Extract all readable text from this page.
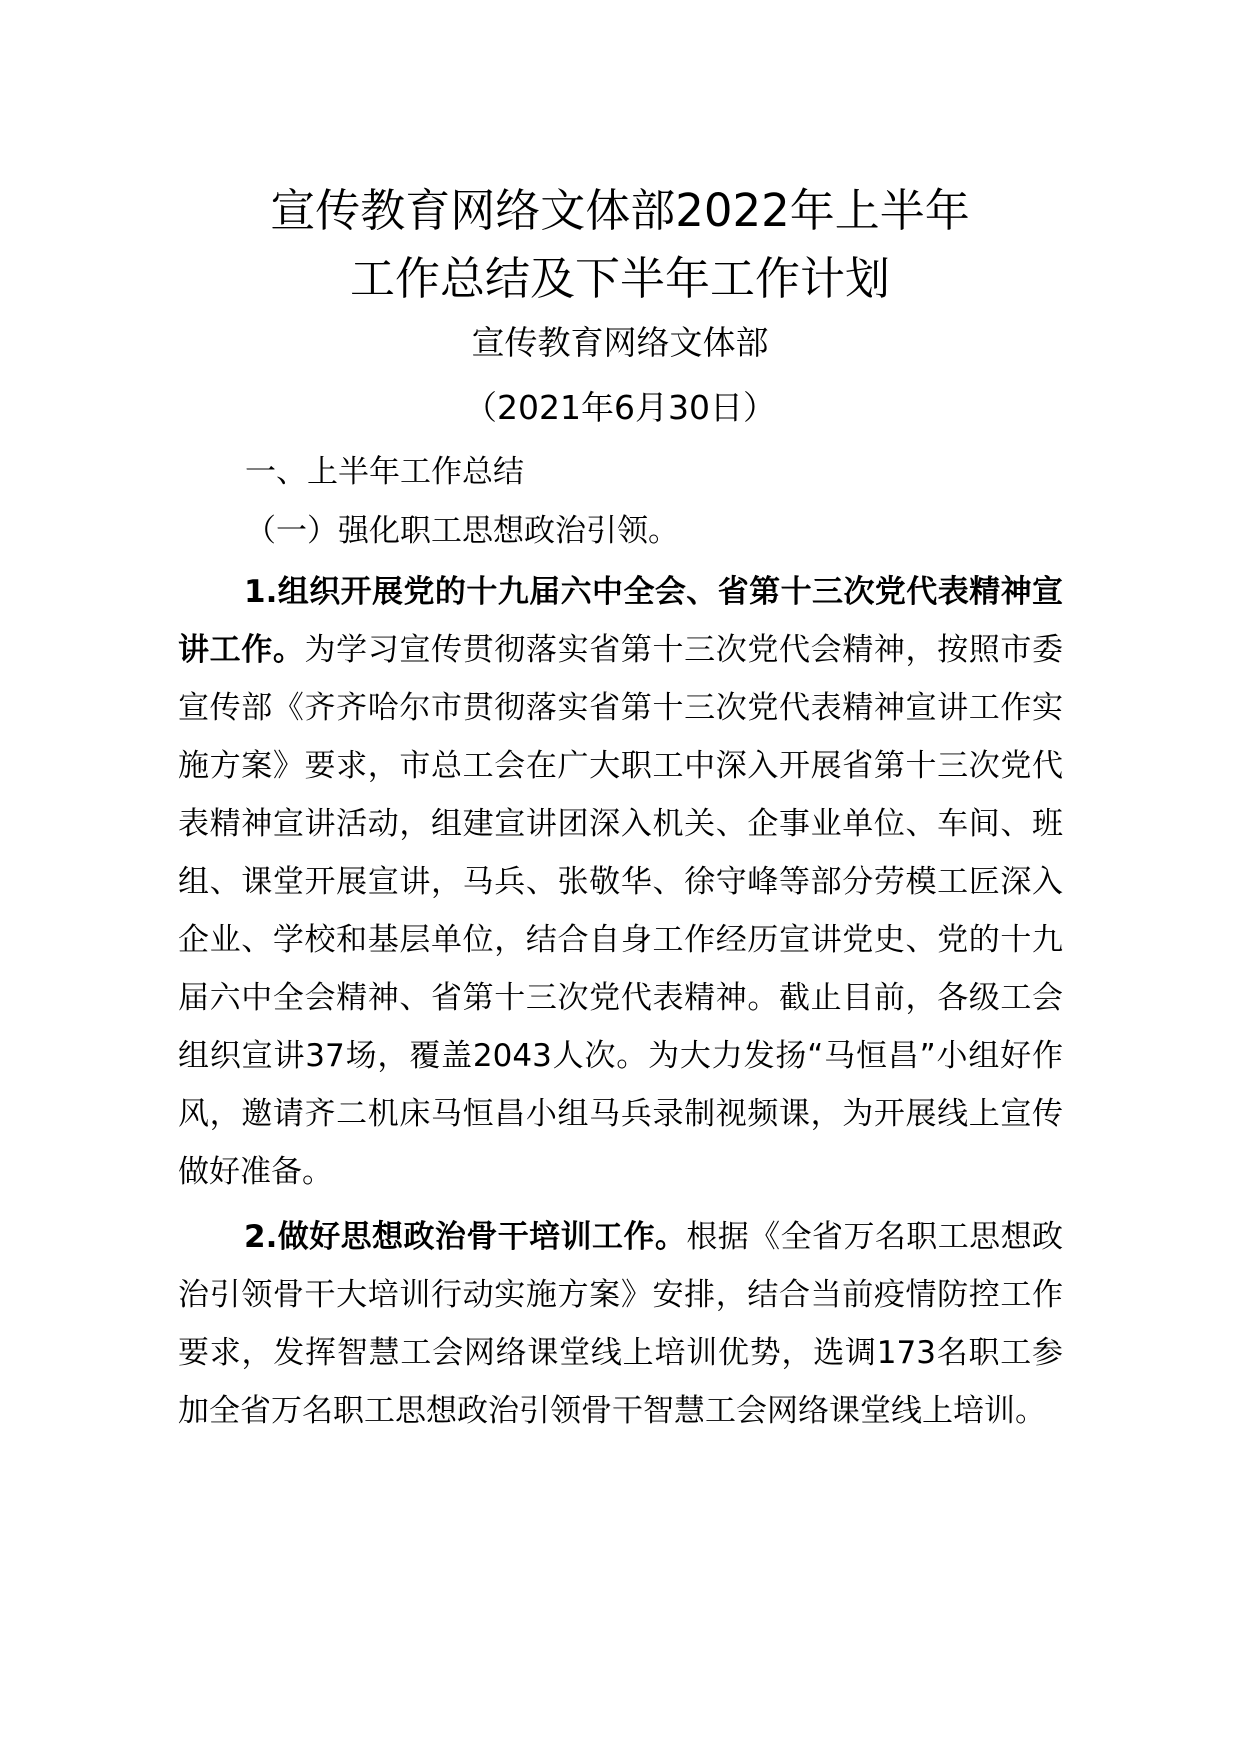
宣传教育网络文体部2022年上半年
工作总结及下半年工作计划
宣传教育网络文体部
（2021年6月30日）
一、上半年工作总结
（一）强化职工思想政治引领。

1.组织开展党的十九届六中全会、省第十三次党代表精神宣讲工作。为学习宣传贯彻落实省第十三次党代会精神，按照市委宣传部《齐齐哈尔市贯彻落实省第十三次党代表精神宣讲工作实施方案》要求，市总工会在广大职工中深入开展省第十三次党代表精神宣讲活动，组建宣讲团深入机关、企事业单位、车间、班组、课堂开展宣讲，马兵、张敬华、徐守峰等部分劳模工匠深入企业、学校和基层单位，结合自身工作经历宣讲党史、党的十九届六中全会精神、省第十三次党代表精神。截止目前，各级工会组织宣讲37场，覆盖2043人次。为大力发扬“马恒昌”小组好作风，邀请齐二机床马恒昌小组马兵录制视频课，为开展线上宣传做好准备。

2.做好思想政治骨干培训工作。根据《全省万名职工思想政治引领骨干大培训行动实施方案》安排，结合当前疫情防控工作要求，发挥智慧工会网络课堂线上培训优势，选调173名职工参加全省万名职工思想政治引领骨干智慧工会网络课堂线上培训。
